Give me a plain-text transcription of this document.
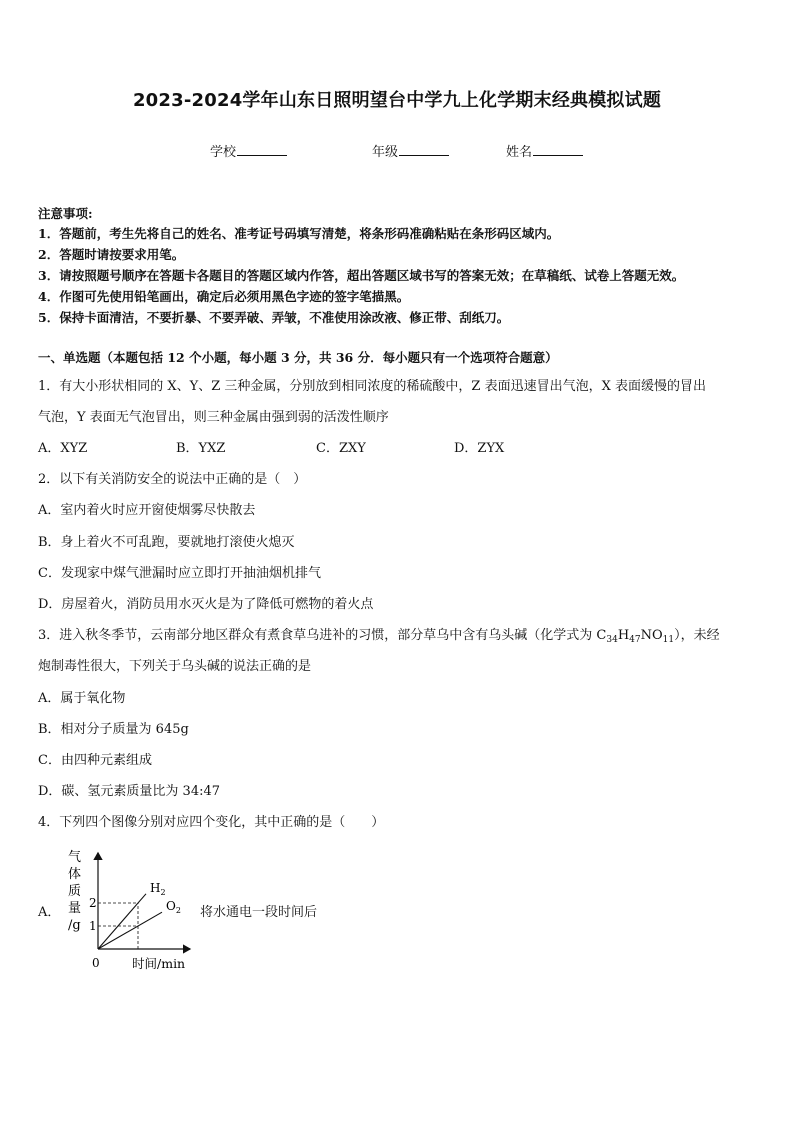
2023-2024学年山东日照明望台中学九上化学期末经典模拟试题
学校	年级	姓名
注意事项:
1．答题前，考生先将自己的姓名、准考证号码填写清楚，将条形码准确粘贴在条形码区域内。
2．答题时请按要求用笔。
3．请按照题号顺序在答题卡各题目的答题区域内作答，超出答题区域书写的答案无效；在草稿纸、试卷上答题无效。
4．作图可先使用铅笔画出，确定后必须用黑色字迹的签字笔描黑。
5．保持卡面清洁，不要折暴、不要弄破、弄皱，不准使用涂改液、修正带、刮纸刀。
一、单选题（本题包括 12 个小题，每小题 3 分，共 36 分．每小题只有一个选项符合题意）
1．有大小形状相同的 X、Y、Z 三种金属，分别放到相同浓度的稀硫酸中，Z 表面迅速冒出气泡，X 表面缓慢的冒出
气泡，Y 表面无气泡冒出，则三种金属由强到弱的活泼性顺序
A．XYZ	B．YXZ	C．ZXY	D．ZYX
2．以下有关消防安全的说法中正确的是（　）
A．室内着火时应开窗使烟雾尽快散去
B．身上着火不可乱跑，要就地打滚使火熄灭
C．发现家中煤气泄漏时应立即打开抽油烟机排气
D．房屋着火，消防员用水灭火是为了降低可燃物的着火点
3．进入秋冬季节，云南部分地区群众有煮食草乌进补的习惯，部分草乌中含有乌头碱（化学式为 $C_{34}H_{47}NO_{11}$），未经
炮制毒性很大，下列关于乌头碱的说法正确的是
A．属于氧化物
B．相对分子质量为 645g
C．由四种元素组成
D．碳、氢元素质量比为 34:47
4．下列四个图像分别对应四个变化，其中正确的是（　　）
A．	将水通电一段时间后
气
体
质
量
/g 1
2
$H_2$
$O_2$
0	时间/min
